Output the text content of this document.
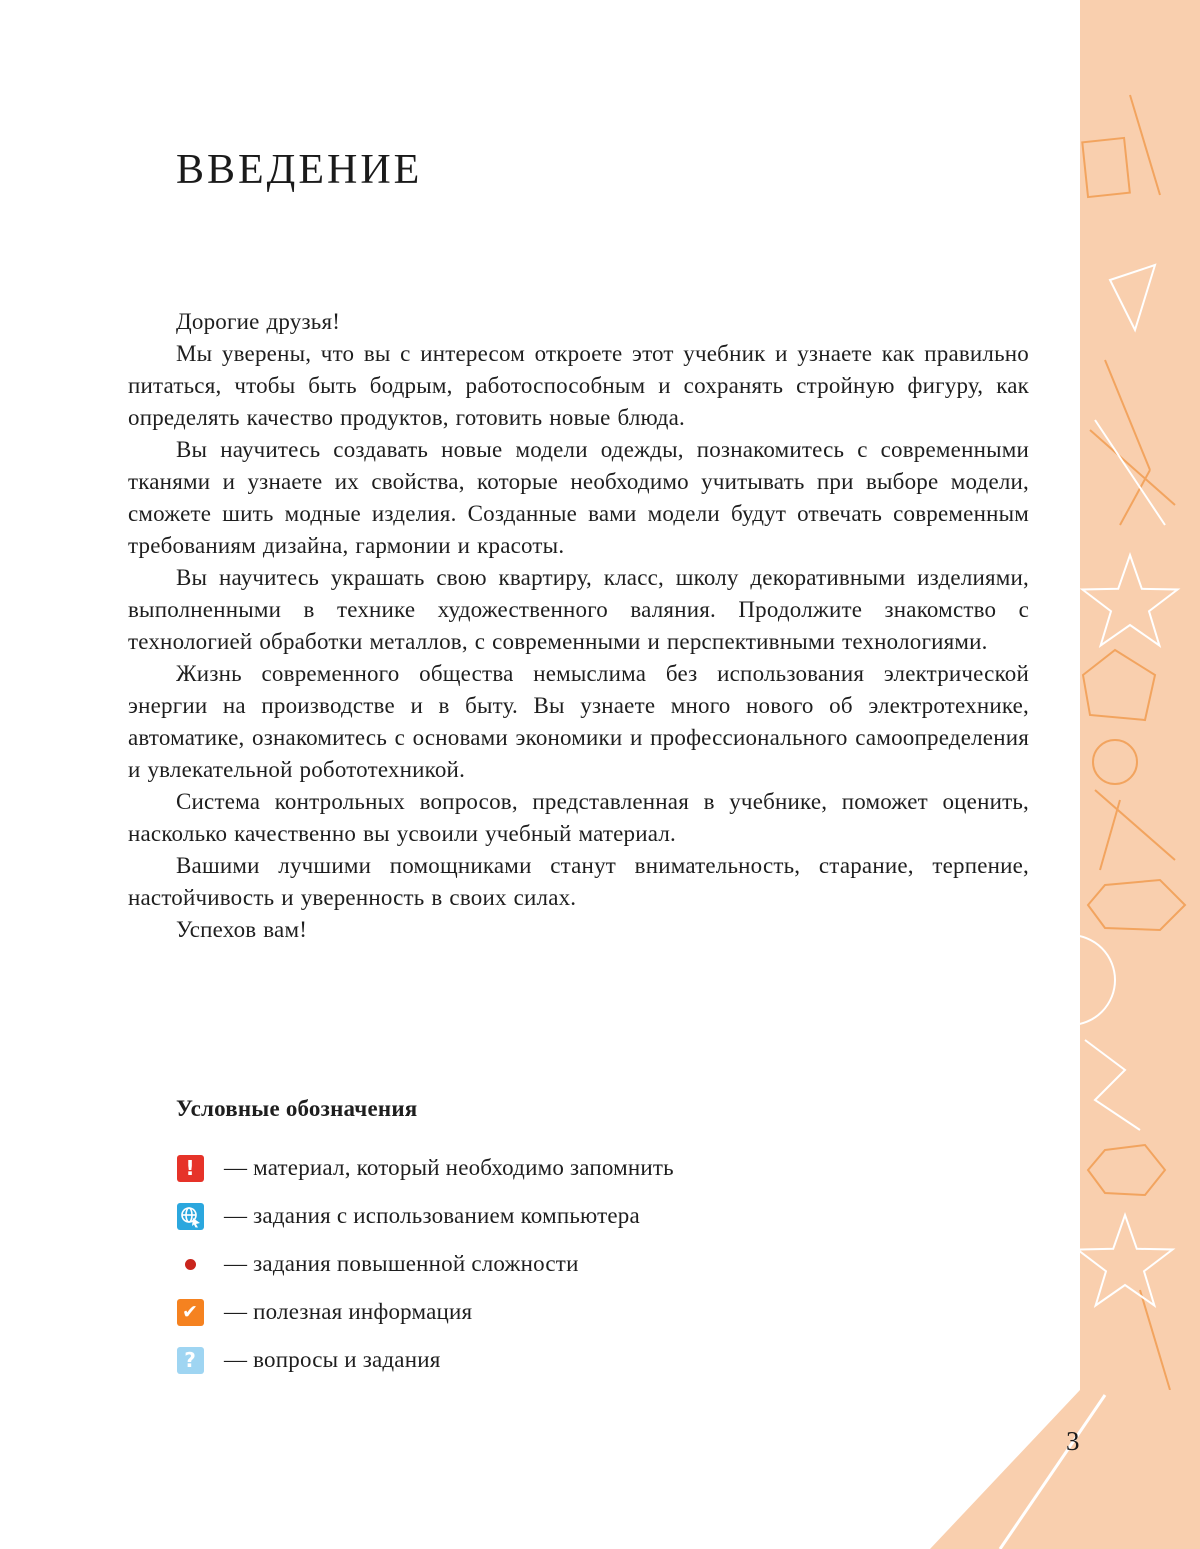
ВВЕДЕНИЕ

Дорогие друзья!

Мы уверены, что вы с интересом откроете этот учебник и узнаете как правильно питаться, чтобы быть бодрым, работоспособным и сохранять стройную фигуру, как определять качество продуктов, готовить новые блюда.

Вы научитесь создавать новые модели одежды, познакомитесь с современными тканями и узнаете их свойства, которые необходимо учитывать при выборе модели, сможете шить модные изделия. Созданные вами модели будут отвечать современным требованиям дизайна, гармонии и красоты.

Вы научитесь украшать свою квартиру, класс, школу декоративными изделиями, выполненными в технике художественного валяния. Продолжите знакомство с технологией обработки металлов, с современными и перспективными технологиями.

Жизнь современного общества немыслима без использования электрической энергии на производстве и в быту. Вы узнаете много нового об электротехнике, автоматике, ознакомитесь с основами экономики и профессионального самоопределения и увлекательной робототехникой.

Система контрольных вопросов, представленная в учебнике, поможет оценить, насколько качественно вы усвоили учебный материал.

Вашими лучшими помощниками станут внимательность, старание, терпение, настойчивость и уверенность в своих силах.

Успехов вам!

Условные обозначения
!	— материал, который необходимо запомнить
— задания с использованием компьютера
— задания повышенной сложности
✔ — полезная информация
?	— вопросы и задания
3
